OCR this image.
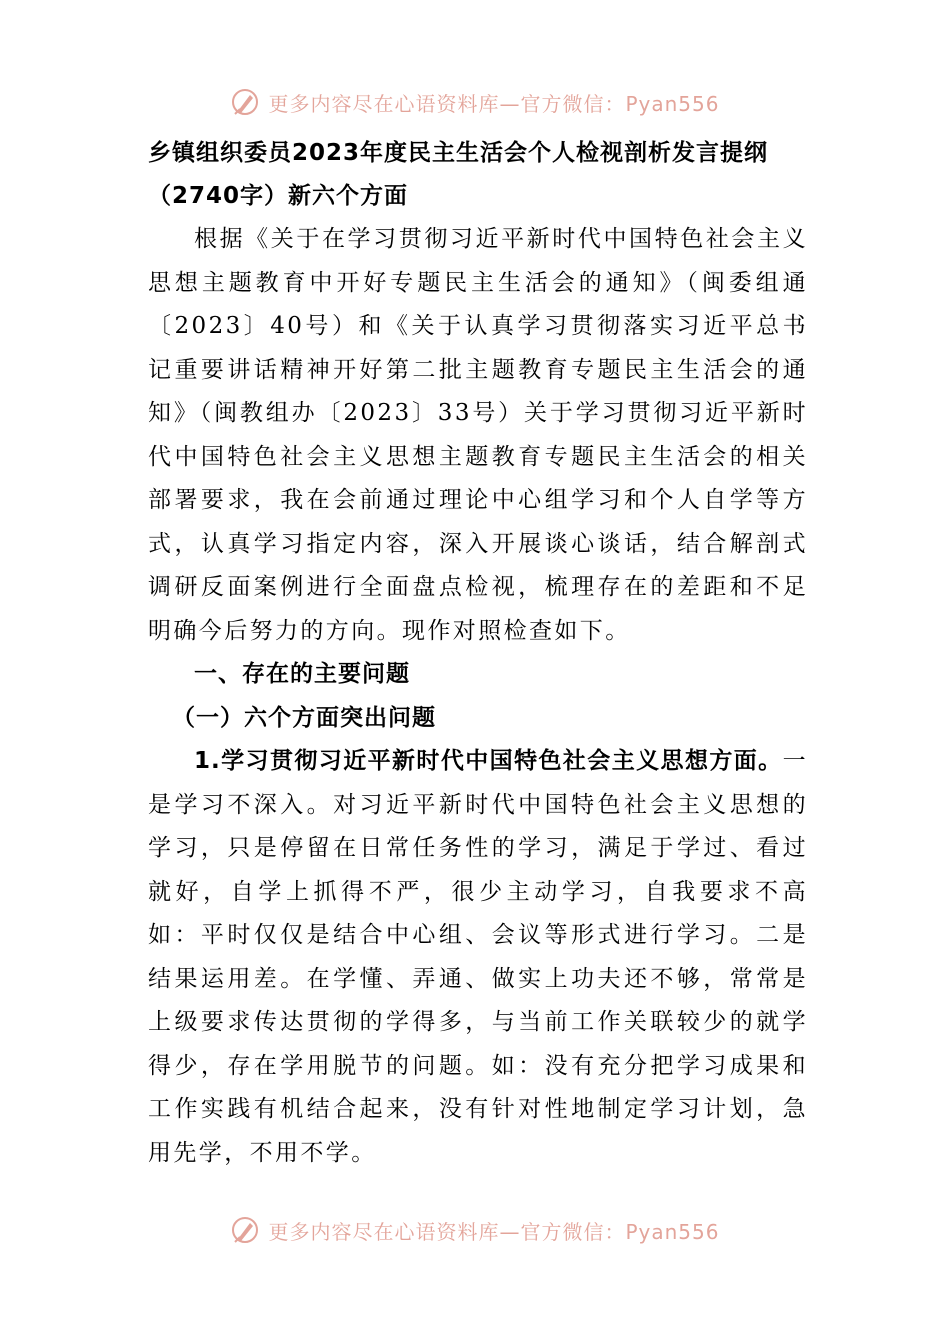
更多内容尽在心语资料库—官方微信：Pyan556

乡镇组织委员2023年度民主生活会个人检视剖析发言提纲（2740字）新六个方面

根据《关于在学习贯彻习近平新时代中国特色社会主义思想主题教育中开好专题民主生活会的通知》（闽委组通〔2023〕40号）和《关于认真学习贯彻落实习近平总书记重要讲话精神开好第二批主题教育专题民主生活会的通知》（闽教组办〔2023〕33号）关于学习贯彻习近平新时代中国特色社会主义思想主题教育专题民主生活会的相关部署要求，我在会前通过理论中心组学习和个人自学等方式，认真学习指定内容，深入开展谈心谈话，结合解剖式调研反面案例进行全面盘点检视，梳理存在的差距和不足明确今后努力的方向。现作对照检查如下。

一、存在的主要问题

（一）六个方面突出问题

1.学习贯彻习近平新时代中国特色社会主义思想方面。一是学习不深入。对习近平新时代中国特色社会主义思想的学习，只是停留在日常任务性的学习，满足于学过、看过就好，自学上抓得不严，很少主动学习，自我要求不高如：平时仅仅是结合中心组、会议等形式进行学习。二是结果运用差。在学懂、弄通、做实上功夫还不够，常常是上级要求传达贯彻的学得多，与当前工作关联较少的就学得少，存在学用脱节的问题。如：没有充分把学习成果和工作实践有机结合起来，没有针对性地制定学习计划，急用先学，不用不学。

更多内容尽在心语资料库—官方微信：Pyan556
